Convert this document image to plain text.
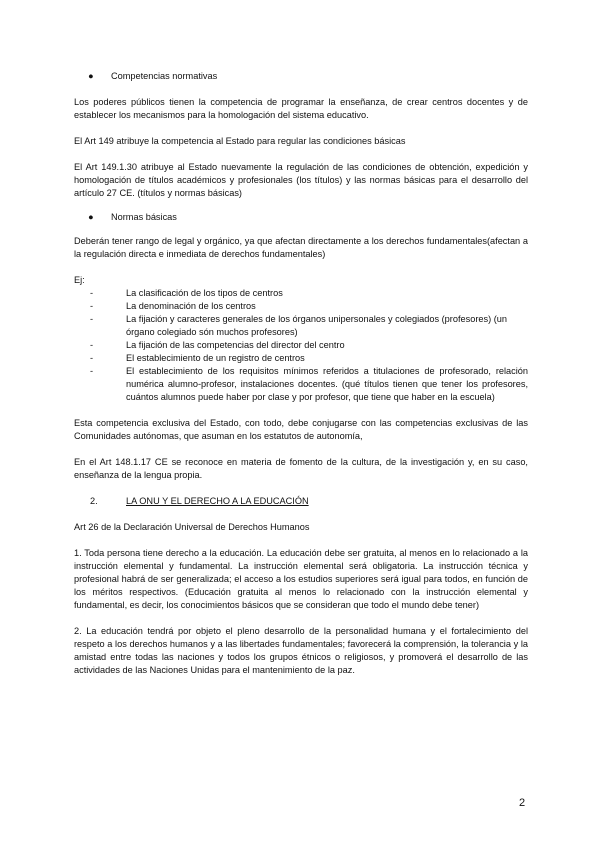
●	Competencias normativas

Los poderes públicos tienen la competencia de programar la enseñanza, de crear centros docentes y de establecer los mecanismos para la homologación del sistema educativo.

El Art 149 atribuye la competencia al Estado para regular las condiciones básicas

El Art 149.1.30 atribuye al Estado nuevamente la regulación de las condiciones de obtención, expedición y homologación de títulos académicos y profesionales (los títulos) y las normas básicas para el desarrollo del artículo 27 CE. (títulos y normas básicas)

●	Normas básicas

Deberán tener rango de legal y orgánico, ya que afectan directamente a los derechos fundamentales(afectan a la regulación directa e inmediata de derechos fundamentales)

Ej:

-	La clasificación de los tipos de centros
-	La denominación de los centros
-	La fijación y caracteres generales de los órganos unipersonales y colegiados (profesores) (un órgano colegiado són muchos profesores)
-	La fijación de las competencias del director del centro
-	El establecimiento de un registro de centros
-	El establecimiento de los requisitos mínimos referidos a titulaciones de profesorado, relación numérica alumno-profesor, instalaciones docentes. (qué títulos tienen que tener los profesores, cuántos alumnos puede haber por clase y por profesor, que tiene que haber en la escuela)

Esta competencia exclusiva del Estado, con todo, debe conjugarse con las competencias exclusivas de las Comunidades autónomas, que asuman en los estatutos de autonomía,

En el Art 148.1.17 CE se reconoce en materia de fomento de la cultura, de la investigación y, en su caso, enseñanza de la lengua propia.

2.	LA ONU Y EL DERECHO A LA EDUCACIÓN

Art 26 de la Declaración Universal de Derechos Humanos

1. Toda persona tiene derecho a la educación. La educación debe ser gratuita, al menos en lo relacionado a la instrucción elemental y fundamental. La instrucción elemental será obligatoria. La instrucción técnica y profesional habrá de ser generalizada; el acceso a los estudios superiores será igual para todos, en función de los méritos respectivos. (Educación gratuita al menos lo relacionado con la instrucción elemental y fundamental, es decir, los conocimientos básicos que se consideran que todo el mundo debe tener)

2. La educación tendrá por objeto el pleno desarrollo de la personalidad humana y el fortalecimiento del respeto a los derechos humanos y a las libertades fundamentales; favorecerá la comprensión, la tolerancia y la amistad entre todas las naciones y todos los grupos étnicos o religiosos, y promoverá el desarrollo de las actividades de las Naciones Unidas para el mantenimiento de la paz.

2
